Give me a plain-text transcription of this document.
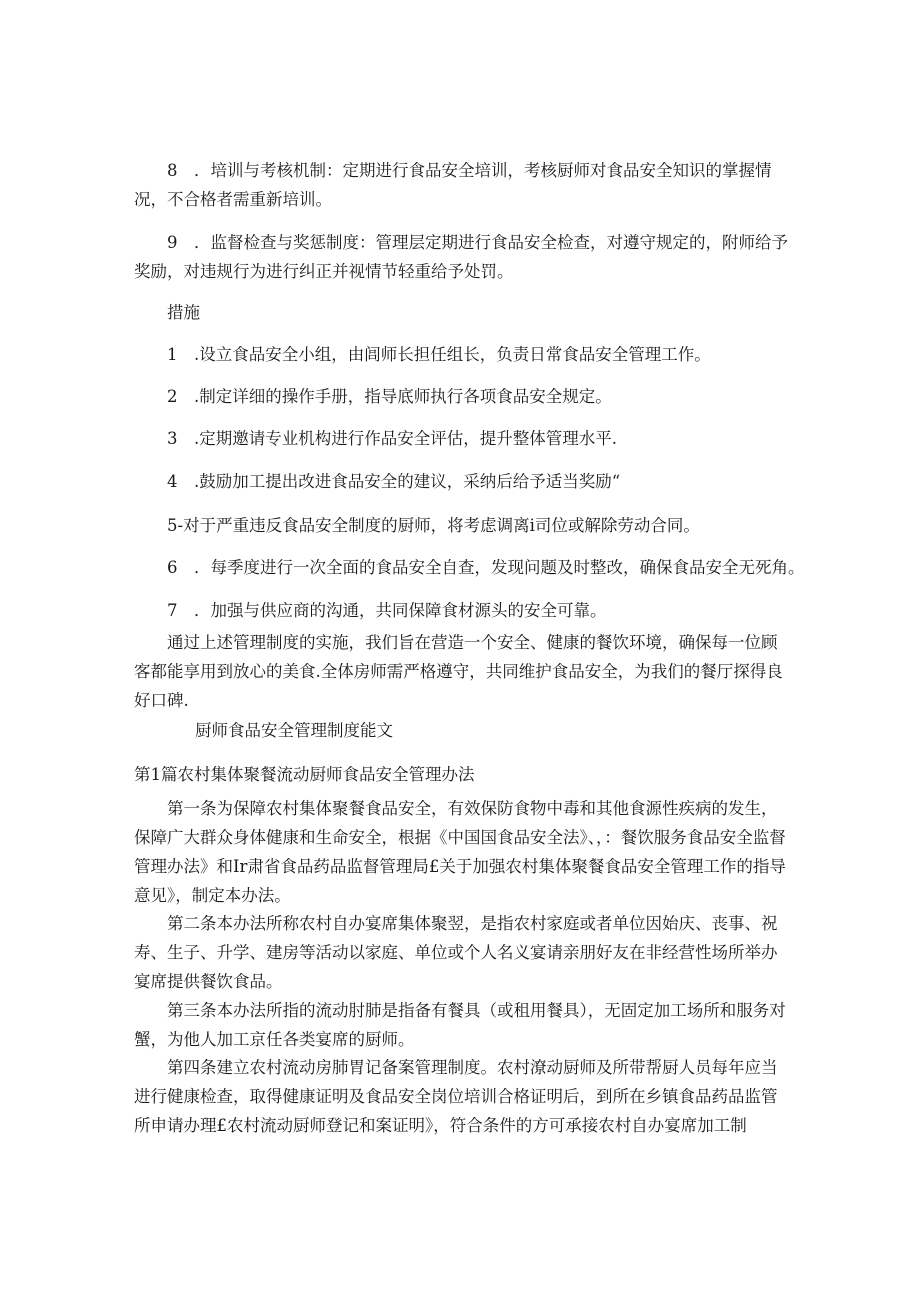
8　．培训与考核机制：定期进行食品安全培训，考核厨师对食品安全知识的掌握情况，不合格者需重新培训。

9　．监督检查与奖惩制度：管理层定期进行食品安全检查，对遵守规定的，附师给予奖励，对违规行为进行纠正并视情节轻重给予处罚。

措施

1　.设立食品安全小组，由闾师长担任组长，负责日常食品安全管理工作。

2　.制定详细的操作手册，指导底师执行各项食品安全规定。

3　.定期邀请专业机构进行作品安全评估，提升整体管理水平.

4　.鼓励加工提出改进食品安全的建议，采纳后给予适当奖励“

5-对于严重违反食品安全制度的厨师，将考虑调离i司位或解除劳动合同。

6　．每季度进行一次全面的食品安全自查，发现问题及时整改，确保食品安全无死角。

7　．加强与供应商的沟通，共同保障食材源头的安全可靠。

通过上述管理制度的实施，我们旨在营造一个安全、健康的餐饮环境，确保每一位顾客都能享用到放心的美食.全体房师需严格遵守，共同维护食品安全，为我们的餐厅探得良好口碑.

厨师食品安全管理制度能文

第1篇农村集体聚餐流动厨师食品安全管理办法

第一条为保障农村集体聚餐食品安全，有效保防食物中毒和其他食源性疾病的发生，保障广大群众身体健康和生命安全，根据《中国国食品安全法》、，：餐饮服务食品安全监督管理办法》和Ir肃省食品药品监督管理局£关于加强农村集体聚餐食品安全管理工作的指导意见》，制定本办法。

第二条本办法所称农村自办宴席集体聚翌，是指农村家庭或者单位因始庆、丧事、祝寿、生子、升学、建房等活动以家庭、单位或个人名义宴请亲朋好友在非经营性场所举办宴席提供餐饮食品。

第三条本办法所指的流动肘肺是指备有餐具（或租用餐具），无固定加工场所和服务对蟹，为他人加工京任各类宴席的厨师。

第四条建立农村流动房肺胃记备案管理制度。农村潦动厨师及所带帮厨人员每年应当进行健康检查，取得健康证明及食品安全岗位培训合格证明后，到所在乡镇食品药品监管所申请办理£农村流动厨师登记和案证明》，符合条件的方可承接农村自办宴席加工制
